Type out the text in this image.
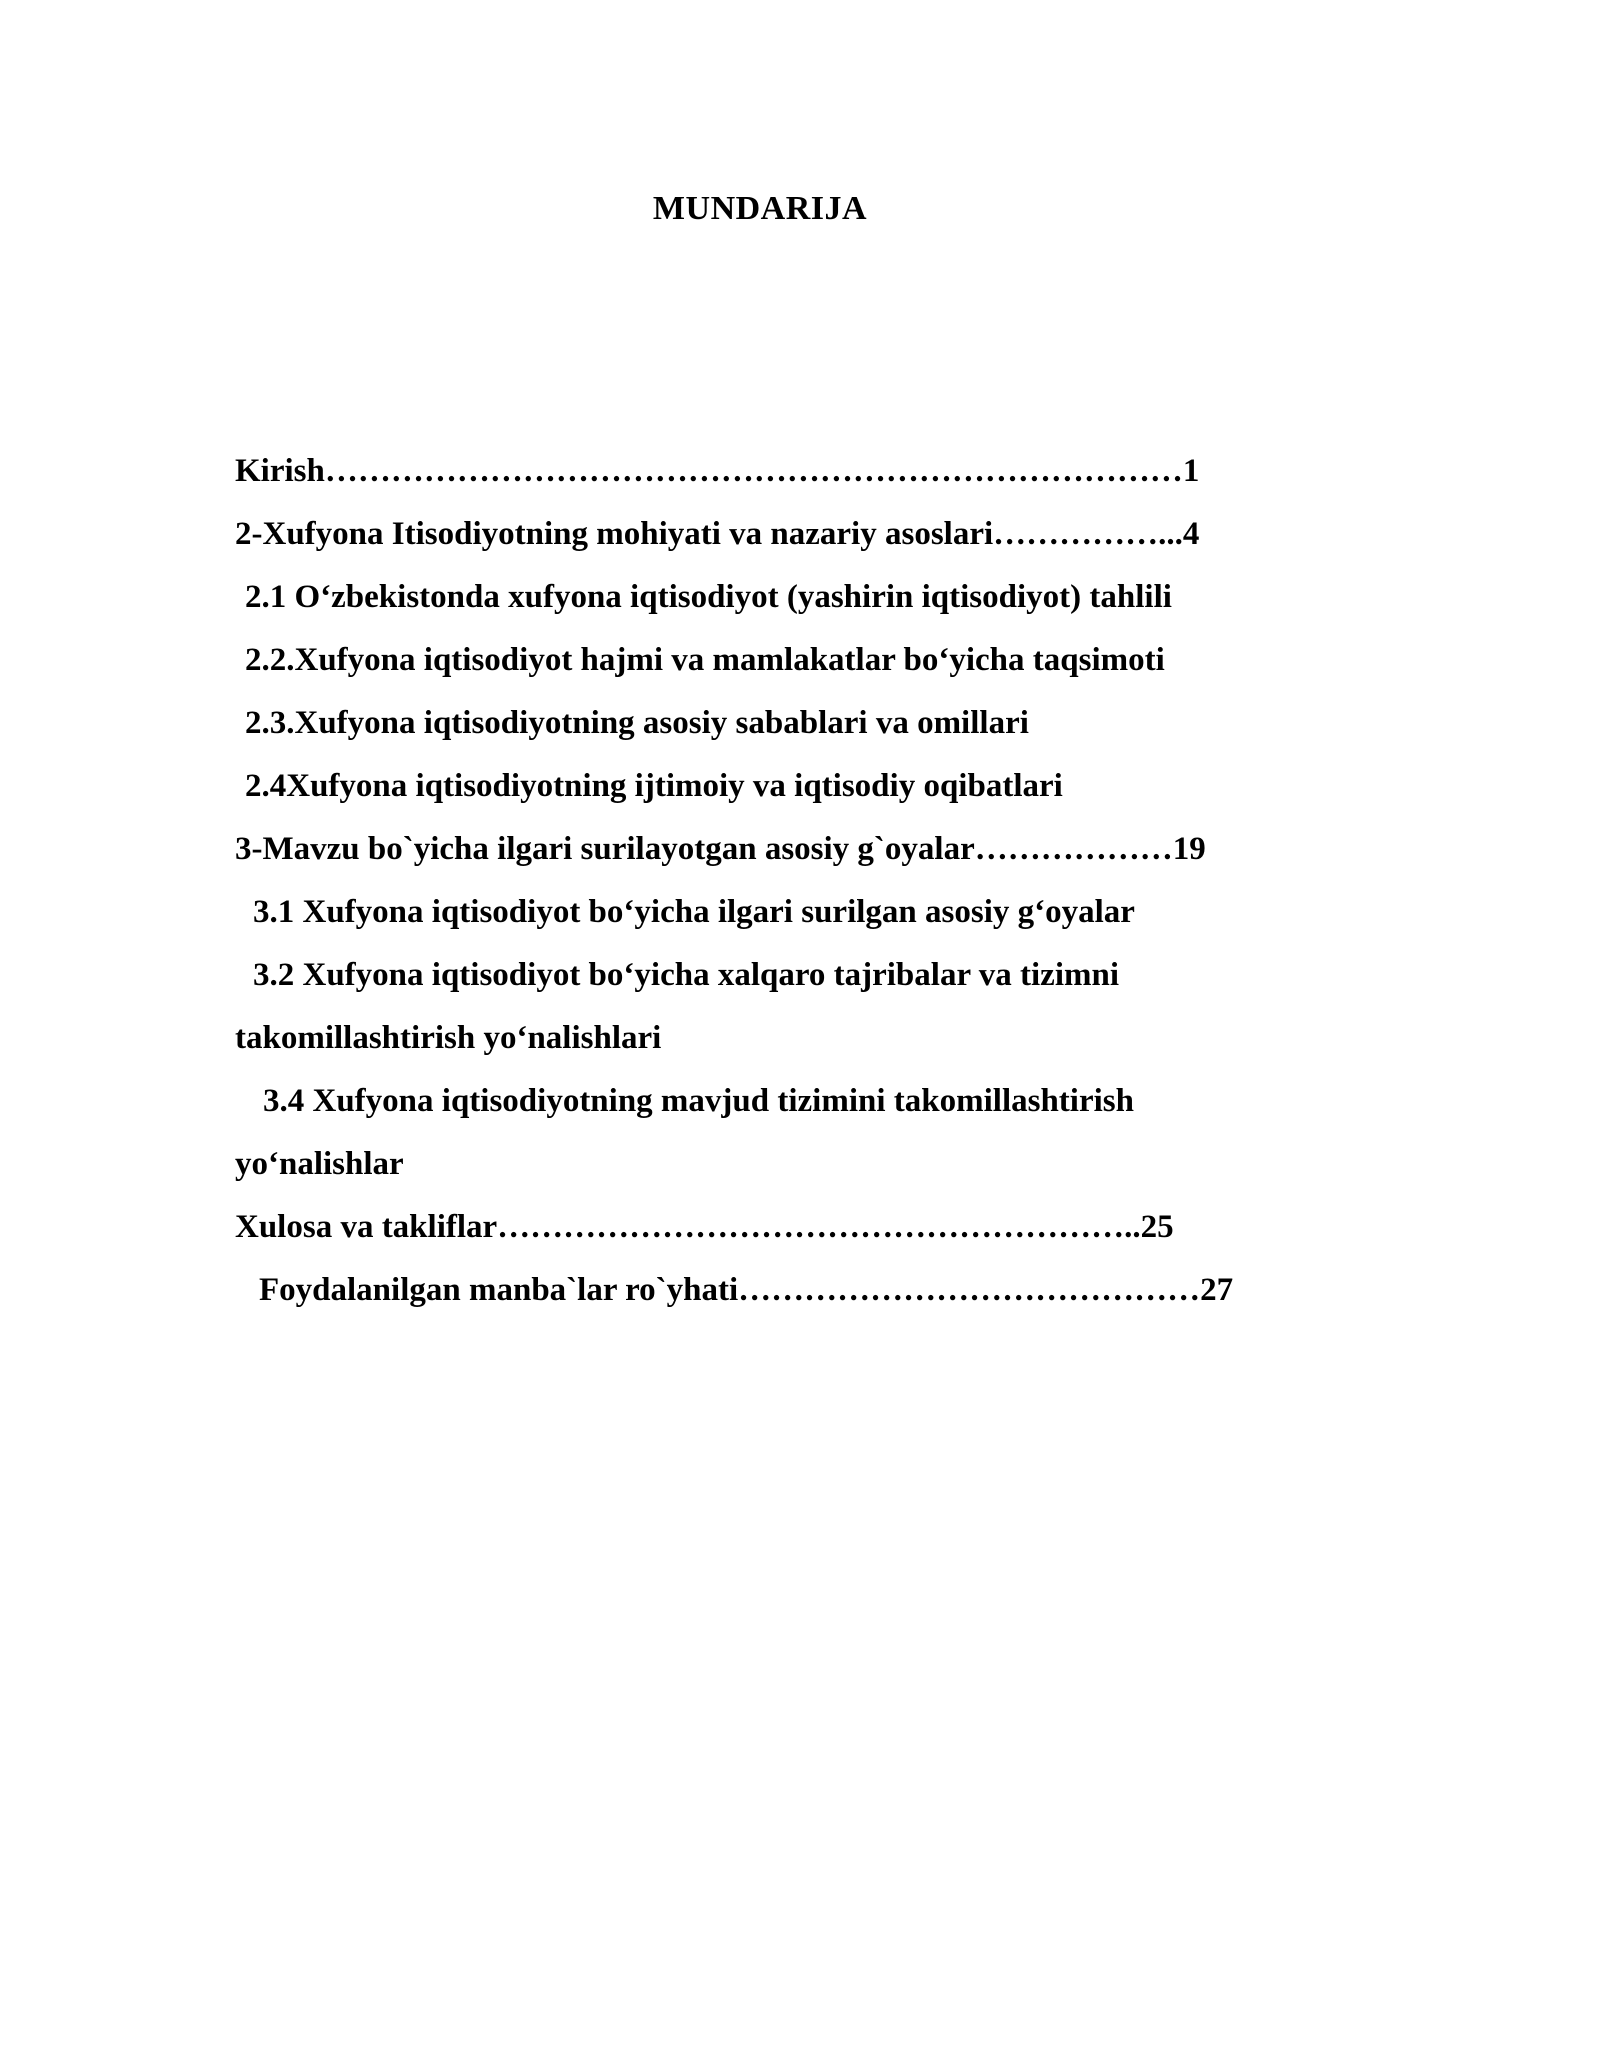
MUNDARIJA
Kirish……………………………………………………………………1
2-Xufyona Itisodiyotning mohiyati va nazariy asoslari……………...4
2.1 O‘zbekistonda xufyona iqtisodiyot (yashirin iqtisodiyot) tahlili
2.2.Xufyona iqtisodiyot hajmi va mamlakatlar bo‘yicha taqsimoti
2.3.Xufyona iqtisodiyotning asosiy sabablari va omillari
2.4Xufyona iqtisodiyotning ijtimoiy va iqtisodiy oqibatlari
3-Mavzu bo`yicha ilgari surilayotgan asosiy g`oyalar………………19
3.1 Xufyona iqtisodiyot bo‘yicha ilgari surilgan asosiy g‘oyalar
3.2 Xufyona iqtisodiyot bo‘yicha xalqaro tajribalar va tizimni
takomillashtirish yo‘nalishlari
3.4 Xufyona iqtisodiyotning mavjud tizimini takomillashtirish
yo‘nalishlar
Xulosa va takliflar…………………………………………………..25
Foydalanilgan manba`lar ro`yhati……………………………………27
